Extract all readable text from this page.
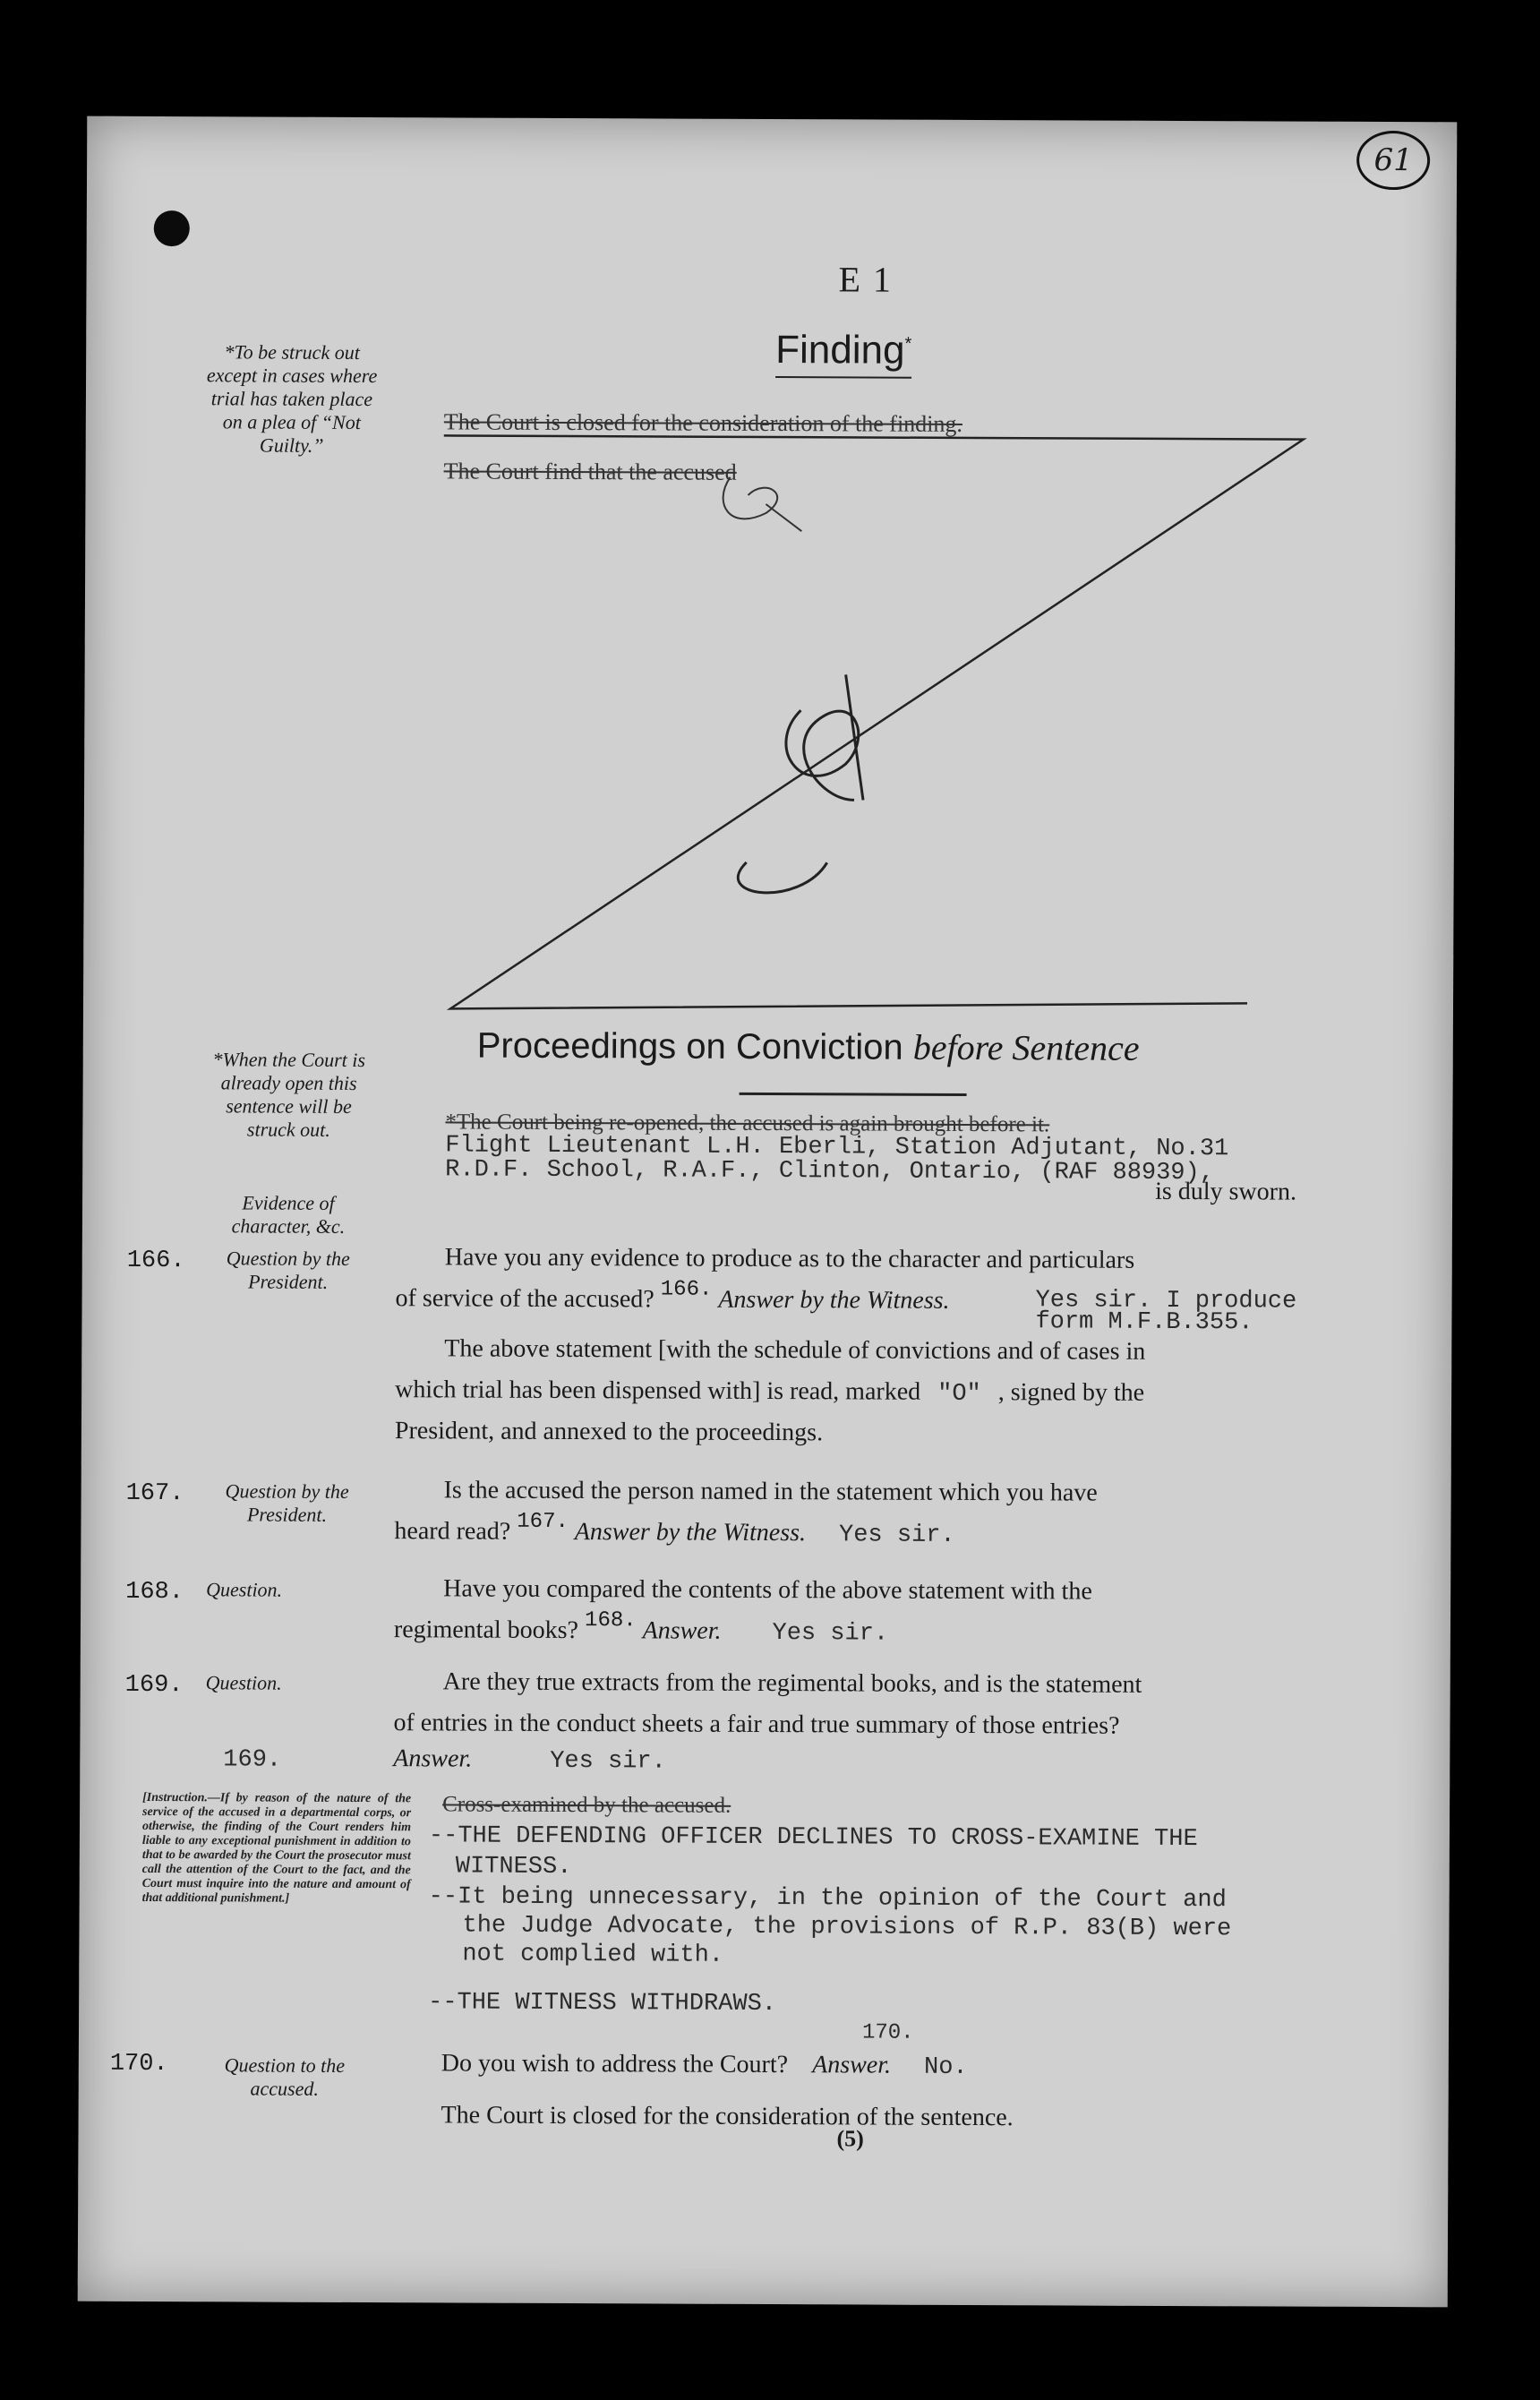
61
E 1
Finding*
*To be struck out except in cases where trial has taken place on a plea of “Not Guilty.”
The Court is closed for the consideration of the finding.
The Court find that the accused
Proceedings on Conviction before Sentence
*When the Court is already open this sentence will be struck out.
Evidence of character, &c.
*The Court being re-opened, the accused is again brought before it.
Flight Lieutenant L.H. Eberli, Station Adjutant, No.31
R.D.F. School, R.A.F., Clinton, Ontario, (RAF 88939),
is duly sworn.
166.	Question by the President.
Have you any evidence to produce as to the character and particulars
of service of the accused? 166. Answer by the Witness.	Yes sir. I produce
form M.F.B.355.
The above statement [with the schedule of convictions and of cases in
which trial has been dispensed with] is read, marked "O" , signed by the
President, and annexed to the proceedings.
167.	Question by the President.
Is the accused the person named in the statement which you have
heard read? 167. Answer by the Witness. Yes sir.
168. Question.	Have you compared the contents of the above statement with the
regimental books? 168. Answer. Yes sir.
169. Question.	Are they true extracts from the regimental books, and is the statement
of entries in the conduct sheets a fair and true summary of those entries?
169.	Answer.	Yes sir.
[Instruction.—If by reason of the nature of the service of the accused in a departmental corps, or otherwise, the finding of the Court renders him liable to any exceptional punishment in addition to that to be awarded by the Court the prosecutor must call the attention of the Court to the fact, and the Court must inquire into the nature and amount of that additional punishment.]
Cross-examined by the accused.
--THE DEFENDING OFFICER DECLINES TO CROSS-EXAMINE THE
WITNESS.
--It being unnecessary, in the opinion of the Court and
the Judge Advocate, the provisions of R.P. 83(B) were
not complied with.
--THE WITNESS WITHDRAWS.
170.	Question to the accused.
170.
Do you wish to address the Court? Answer. No.
The Court is closed for the consideration of the sentence.
(5)
